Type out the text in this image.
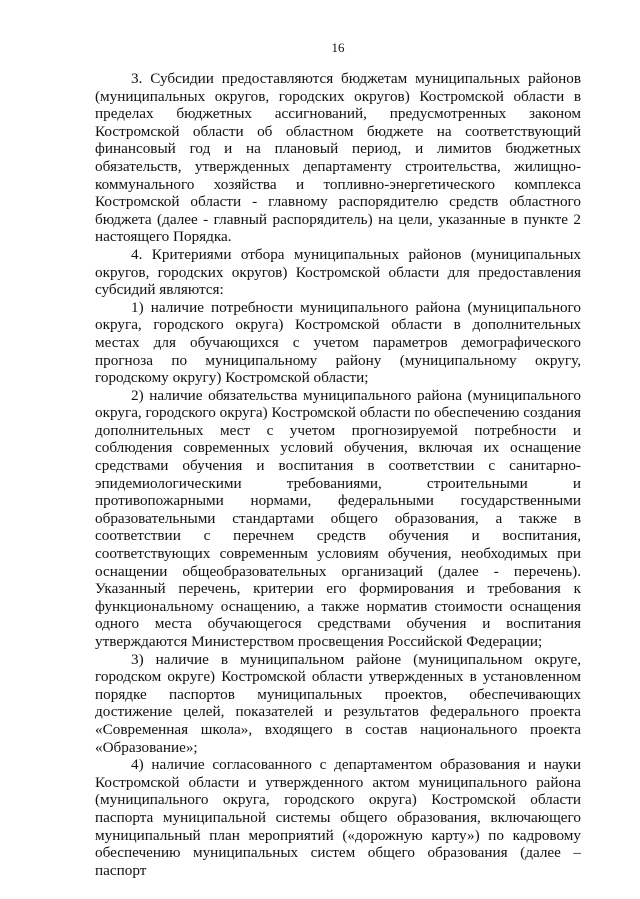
16

3. Субсидии предоставляются бюджетам муниципальных районов (муниципальных округов, городских округов) Костромской области в пределах бюджетных ассигнований, предусмотренных законом Костромской области об областном бюджете на соответствующий финансовый год и на плановый период, и лимитов бюджетных обязательств, утвержденных департаменту строительства, жилищно-коммунального хозяйства и топливно-энергетического комплекса Костромской области - главному распорядителю средств областного бюджета (далее - главный распорядитель) на цели, указанные в пункте 2 настоящего Порядка.

4. Критериями отбора муниципальных районов (муниципальных округов, городских округов) Костромской области для предоставления субсидий являются:

1) наличие потребности муниципального района (муниципального округа, городского округа) Костромской области в дополнительных местах для обучающихся с учетом параметров демографического прогноза по муниципальному району (муниципальному округу, городскому округу) Костромской области;

2) наличие обязательства муниципального района (муниципального округа, городского округа) Костромской области по обеспечению создания дополнительных мест с учетом прогнозируемой потребности и соблюдения современных условий обучения, включая их оснащение средствами обучения и воспитания в соответствии с санитарно-эпидемиологическими требованиями, строительными и противопожарными нормами, федеральными государственными образовательными стандартами общего образования, а также в соответствии с перечнем средств обучения и воспитания, соответствующих современным условиям обучения, необходимых при оснащении общеобразовательных организаций (далее - перечень). Указанный перечень, критерии его формирования и требования к функциональному оснащению, а также норматив стоимости оснащения одного места обучающегося средствами обучения и воспитания утверждаются Министерством просвещения Российской Федерации;

3) наличие в муниципальном районе (муниципальном округе, городском округе) Костромской области утвержденных в установленном порядке паспортов муниципальных проектов, обеспечивающих достижение целей, показателей и результатов федерального проекта «Современная школа», входящего в состав национального проекта «Образование»;

4) наличие согласованного с департаментом образования и науки Костромской области и утвержденного актом муниципального района (муниципального округа, городского округа) Костромской области паспорта муниципальной системы общего образования, включающего муниципальный план мероприятий («дорожную карту») по кадровому обеспечению муниципальных систем общего образования (далее – паспорт
